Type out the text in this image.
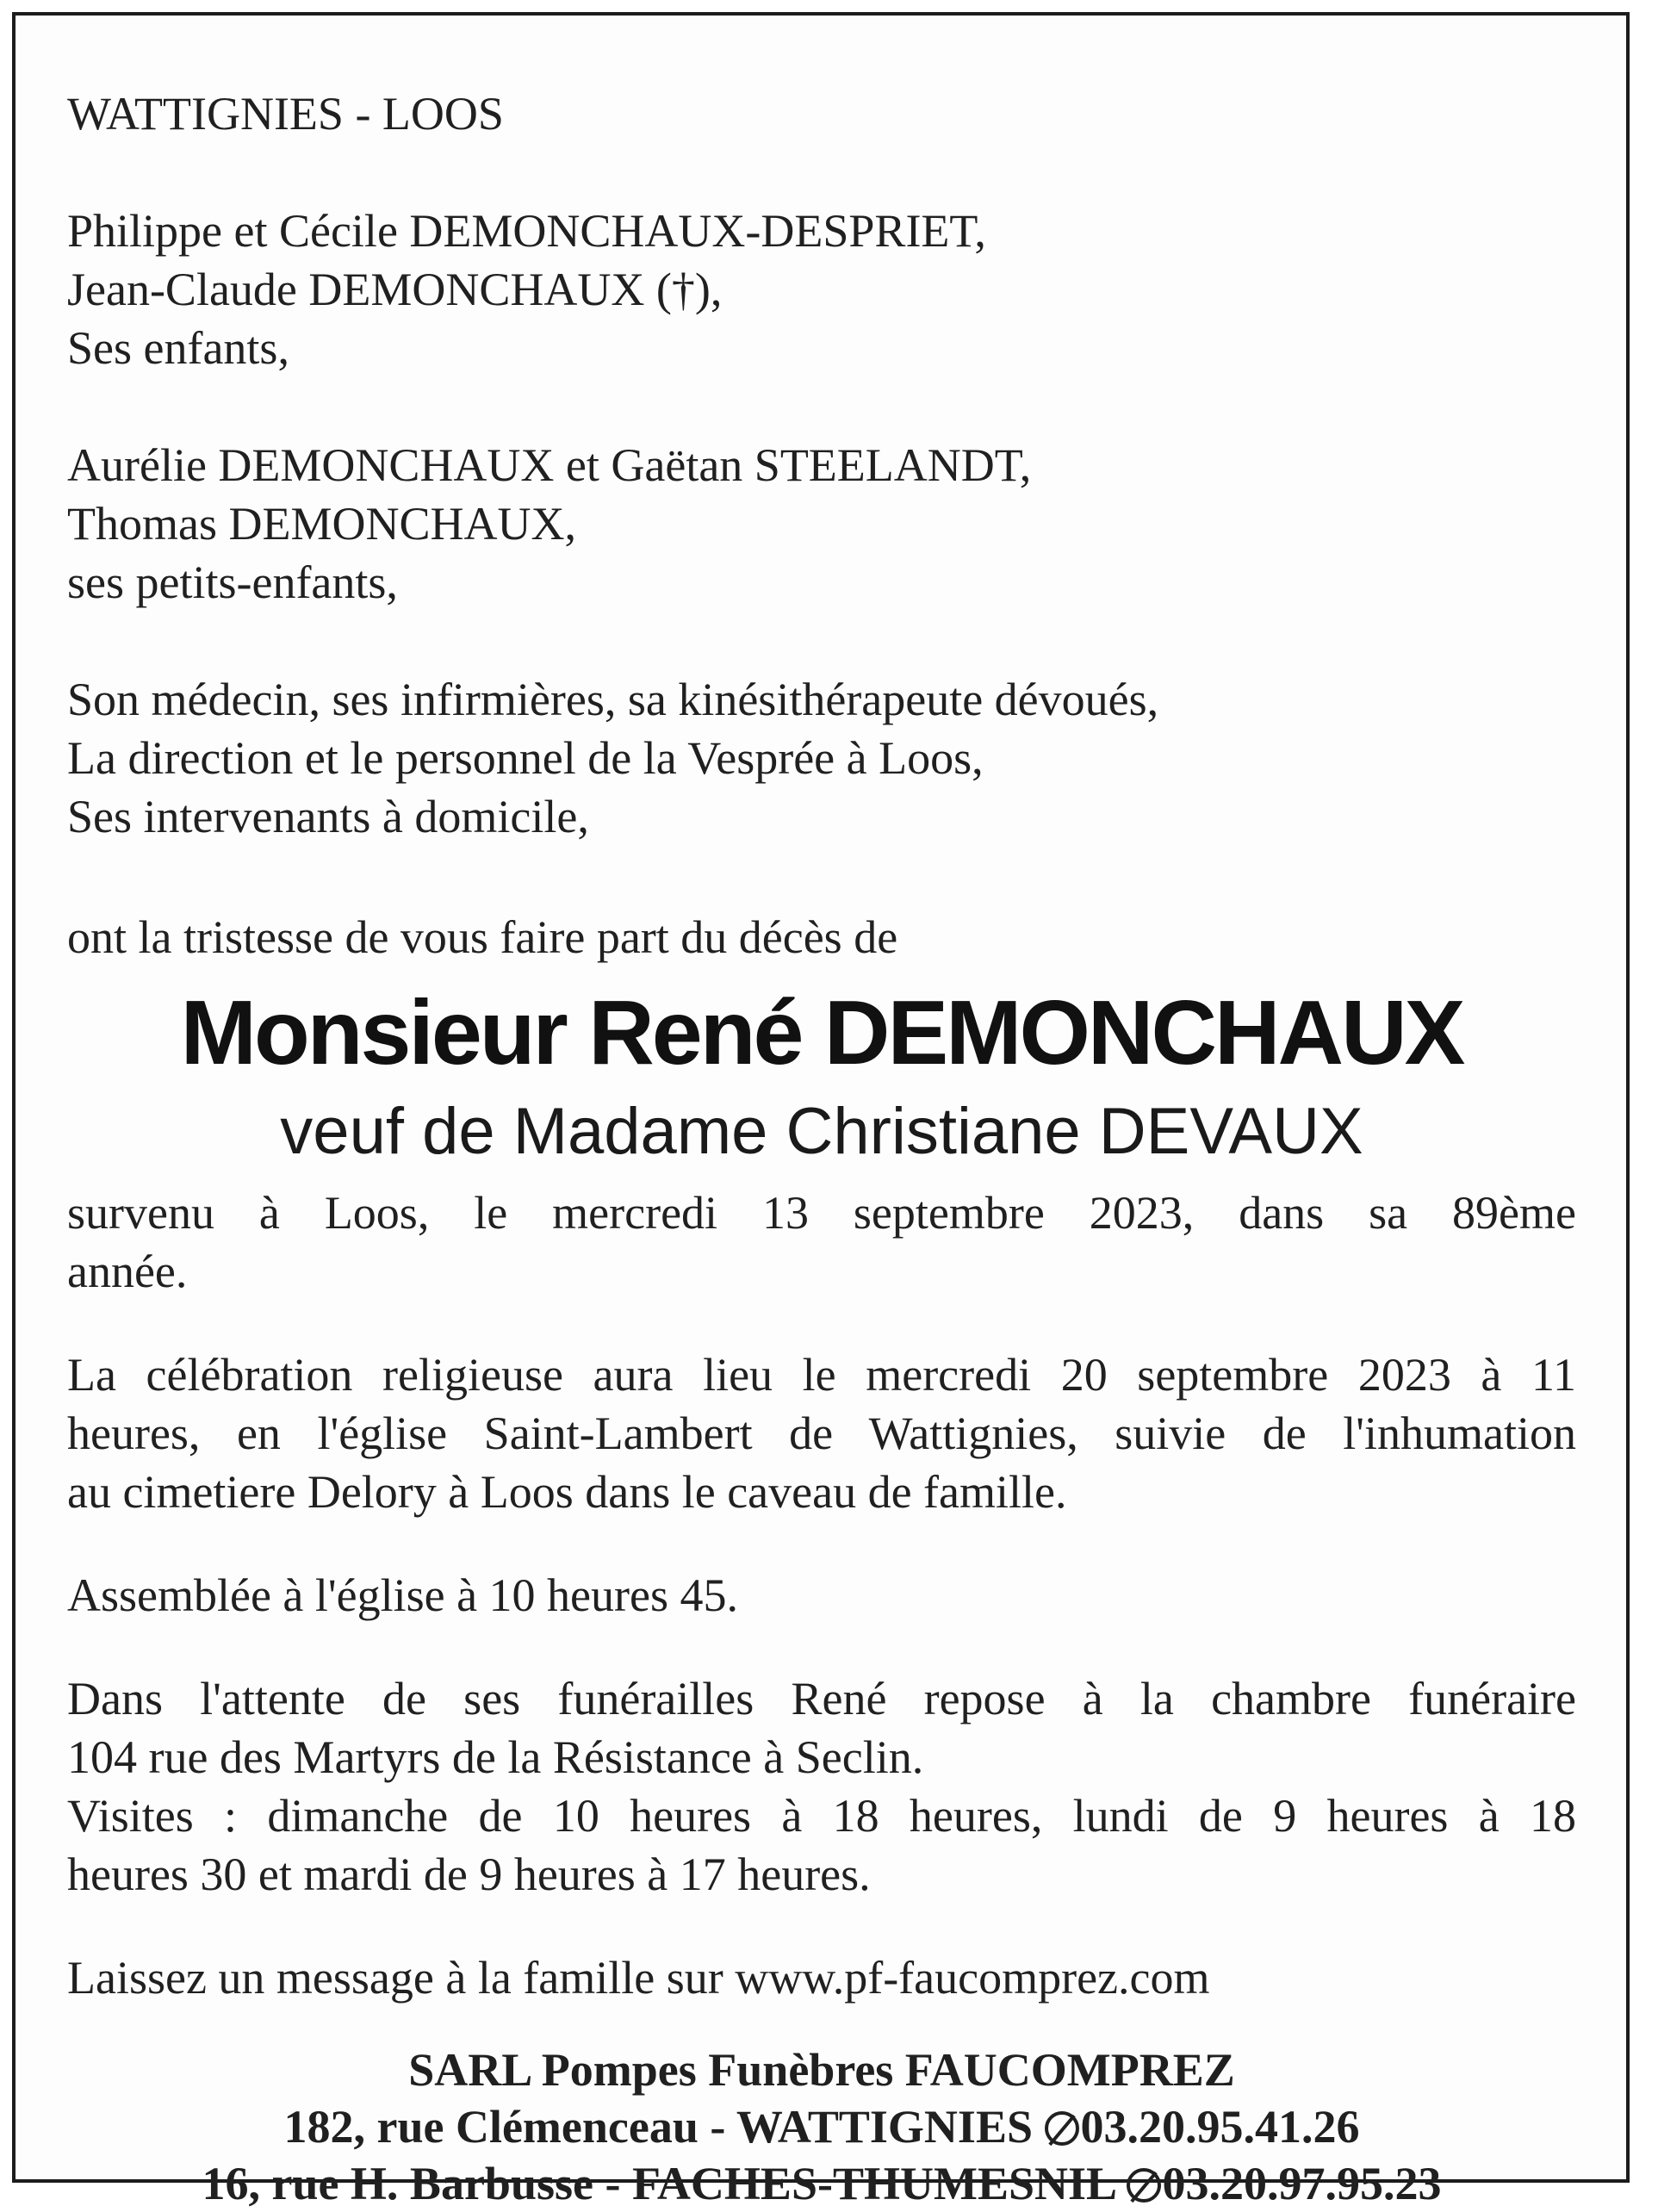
WATTIGNIES - LOOS
Philippe et Cécile DEMONCHAUX-DESPRIET,
Jean-Claude DEMONCHAUX (†),
Ses enfants,
Aurélie DEMONCHAUX et Gaëtan STEELANDT,
Thomas DEMONCHAUX,
ses petits-enfants,
Son médecin, ses infirmières, sa kinésithérapeute dévoués,
La direction et le personnel de la Vesprée à Loos,
Ses intervenants à domicile,
ont la tristesse de vous faire part du décès de
Monsieur René DEMONCHAUX
veuf de Madame Christiane DEVAUX
survenu à Loos, le mercredi 13 septembre 2023, dans sa 89ème
année.
La célébration religieuse aura lieu le mercredi 20 septembre 2023 à 11
heures, en l'église Saint-Lambert de Wattignies, suivie de l'inhumation
au cimetiere Delory à Loos dans le caveau de famille.
Assemblée à l'église à 10 heures 45.
Dans l'attente de ses funérailles René repose à la chambre funéraire
104 rue des Martyrs de la Résistance à Seclin.
Visites : dimanche de 10 heures à 18 heures, lundi de 9 heures à 18
heures 30 et mardi de 9 heures à 17 heures.
Laissez un message à la famille sur www.pf-faucomprez.com
SARL Pompes Funèbres FAUCOMPREZ
182, rue Clémenceau - WATTIGNIES 03.20.95.41.26
16, rue H. Barbusse - FACHES-THUMESNIL 03.20.97.95.23
